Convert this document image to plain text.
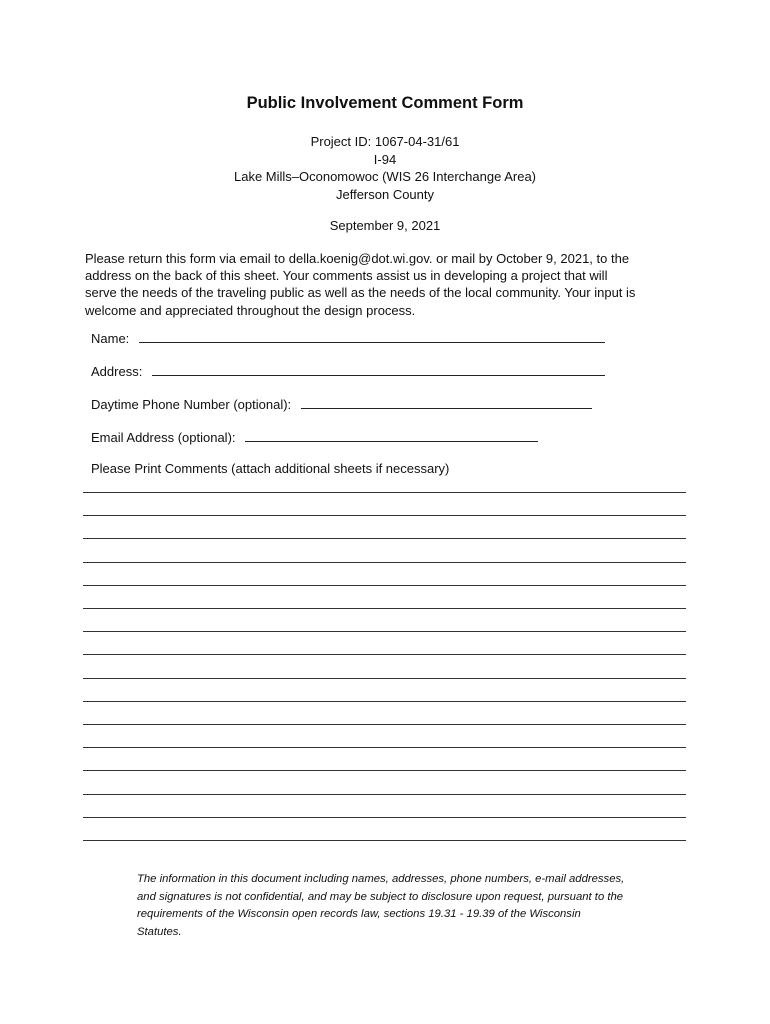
Public Involvement Comment Form
Project ID: 1067-04-31/61
I-94
Lake Mills–Oconomowoc (WIS 26 Interchange Area)
Jefferson County
September 9, 2021
Please return this form via email to della.koenig@dot.wi.gov. or mail by October 9, 2021, to the
address on the back of this sheet. Your comments assist us in developing a project that will
serve the needs of the traveling public as well as the needs of the local community. Your input is
welcome and appreciated throughout the design process.
Name:
Address:
Daytime Phone Number (optional):
Email Address (optional):
Please Print Comments (attach additional sheets if necessary)
The information in this document including names, addresses, phone numbers, e-mail addresses,
and signatures is not confidential, and may be subject to disclosure upon request, pursuant to the
requirements of the Wisconsin open records law, sections 19.31 - 19.39 of the Wisconsin
Statutes.
